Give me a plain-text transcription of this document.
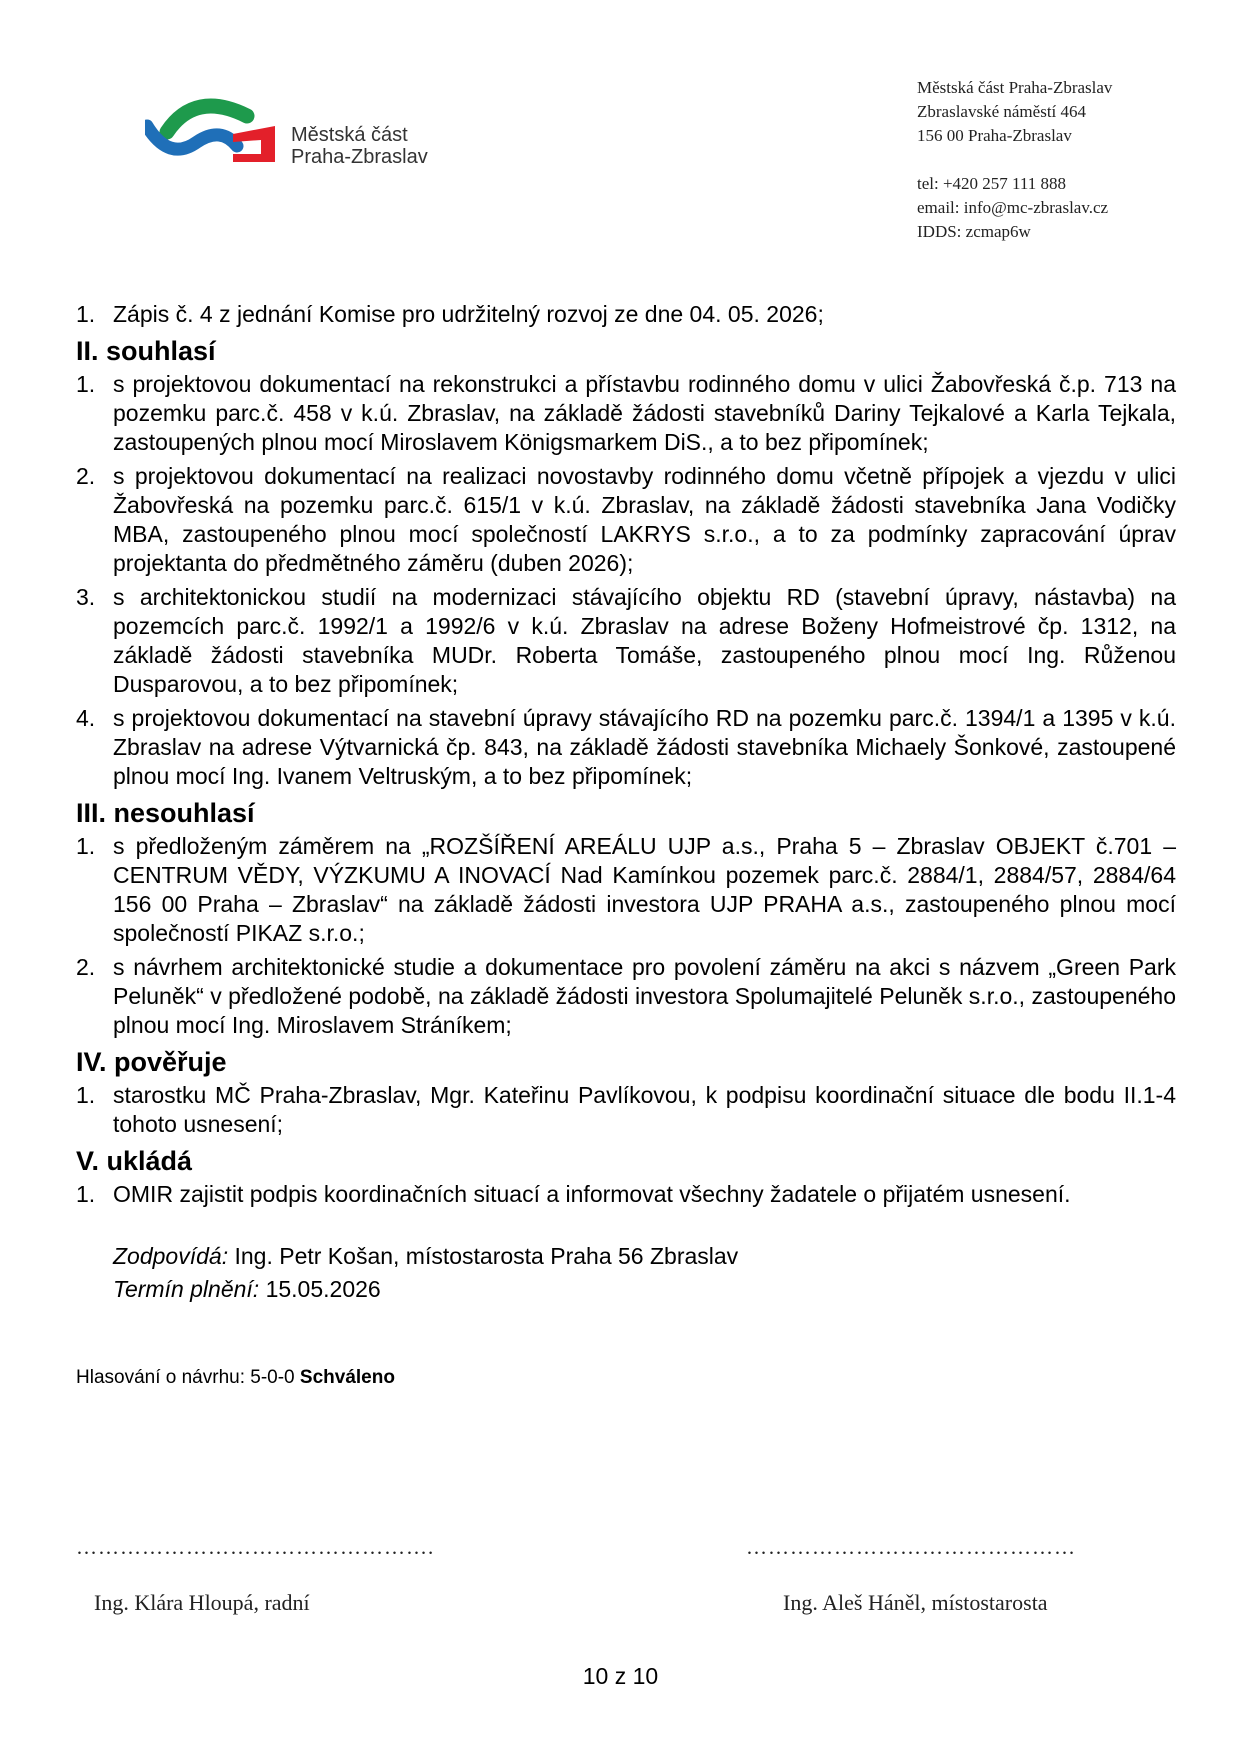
Městská část
Praha-Zbraslav
Městská část Praha-Zbraslav
Zbraslavské náměstí 464
156 00 Praha-Zbraslav
tel: +420 257 111 888
email: info@mc-zbraslav.cz
IDDS: zcmap6w
1. Zápis č. 4 z jednání Komise pro udržitelný rozvoj ze dne 04. 05. 2026;
II. souhlasí
1. s projektovou dokumentací na rekonstrukci a přístavbu rodinného domu v ulici Žabovřeská č.p. 713 na pozemku parc.č. 458 v k.ú. Zbraslav, na základě žádosti stavebníků Dariny Tejkalové a Karla Tejkala, zastoupených plnou mocí Miroslavem Königsmarkem DiS., a to bez připomínek;
2. s projektovou dokumentací na realizaci novostavby rodinného domu včetně přípojek a vjezdu v ulici Žabovřeská na pozemku parc.č. 615/1 v k.ú. Zbraslav, na základě žádosti stavebníka Jana Vodičky MBA, zastoupeného plnou mocí společností LAKRYS s.r.o., a to za podmínky zapracování úprav projektanta do předmětného záměru (duben 2026);
3. s architektonickou studií na modernizaci stávajícího objektu RD (stavební úpravy, nástavba) na pozemcích parc.č. 1992/1 a 1992/6 v k.ú. Zbraslav na adrese Boženy Hofmeistrové čp. 1312, na základě žádosti stavebníka MUDr. Roberta Tomáše, zastoupeného plnou mocí Ing. Růženou Dusparovou, a to bez připomínek;
4. s projektovou dokumentací na stavební úpravy stávajícího RD na pozemku parc.č. 1394/1 a 1395 v k.ú. Zbraslav na adrese Výtvarnická čp. 843, na základě žádosti stavebníka Michaely Šonkové, zastoupené plnou mocí Ing. Ivanem Veltruským, a to bez připomínek;
III. nesouhlasí
1. s předloženým záměrem na „ROZŠÍŘENÍ AREÁLU UJP a.s., Praha 5 – Zbraslav OBJEKT č.701 – CENTRUM VĚDY, VÝZKUMU A INOVACÍ Nad Kamínkou pozemek parc.č. 2884/1, 2884/57, 2884/64 156 00 Praha – Zbraslav“ na základě žádosti investora UJP PRAHA a.s., zastoupeného plnou mocí společností PIKAZ s.r.o.;
2. s návrhem architektonické studie a dokumentace pro povolení záměru na akci s názvem „Green Park Peluněk“ v předložené podobě, na základě žádosti investora Spolumajitelé Peluněk s.r.o., zastoupeného plnou mocí Ing. Miroslavem Stráníkem;
IV. pověřuje
1. starostku MČ Praha-Zbraslav, Mgr. Kateřinu Pavlíkovou, k podpisu koordinační situace dle bodu II.1-4 tohoto usnesení;
V. ukládá
1. OMIR zajistit podpis koordinačních situací a informovat všechny žadatele o přijatém usnesení.
Zodpovídá: Ing. Petr Košan, místostarosta Praha 56 Zbraslav
Termín plnění: 15.05.2026
Hlasování o návrhu: 5-0-0 Schváleno
………………………………………….
Ing. Klára Hloupá, radní
………………………………………
Ing. Aleš Háněl, místostarosta
10 z 10
